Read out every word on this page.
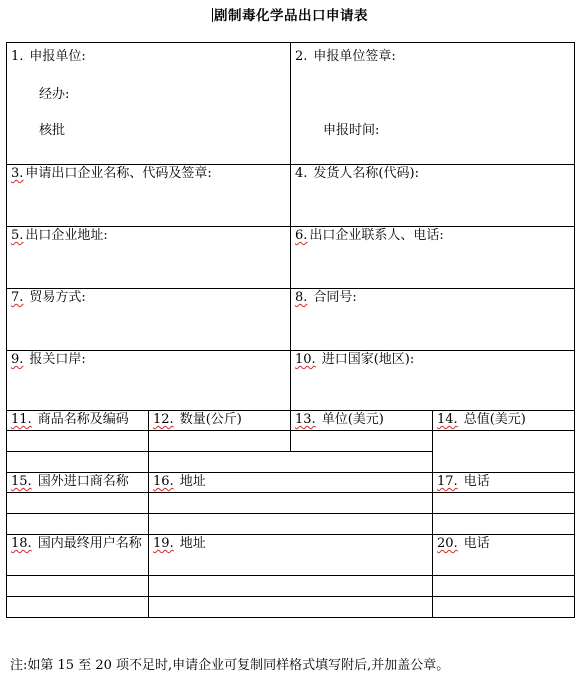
剧制毒化学品出口申请表
1. 申报单位:
经办:
核批		2. 申报单位签章:
申报时间:	

3. 申请出口企业名称、代码及签章:		4. 发货人名称(代码):	
5. 出口企业地址:		6. 出口企业联系人、电话:	
7. 贸易方式:		8. 合同号:	
9. 报关口岸:		10. 进口国家(地区):	
11. 商品名称及编码	12. 数量(公斤)	13. 单位(美元)	14. 总值(美元)

15. 国外进口商名称	16. 地址		17. 电话

18. 国内最终用户名称	19. 地址		20. 电话

注:如第 15 至 20 项不足时,申请企业可复制同样格式填写附后,并加盖公章。
